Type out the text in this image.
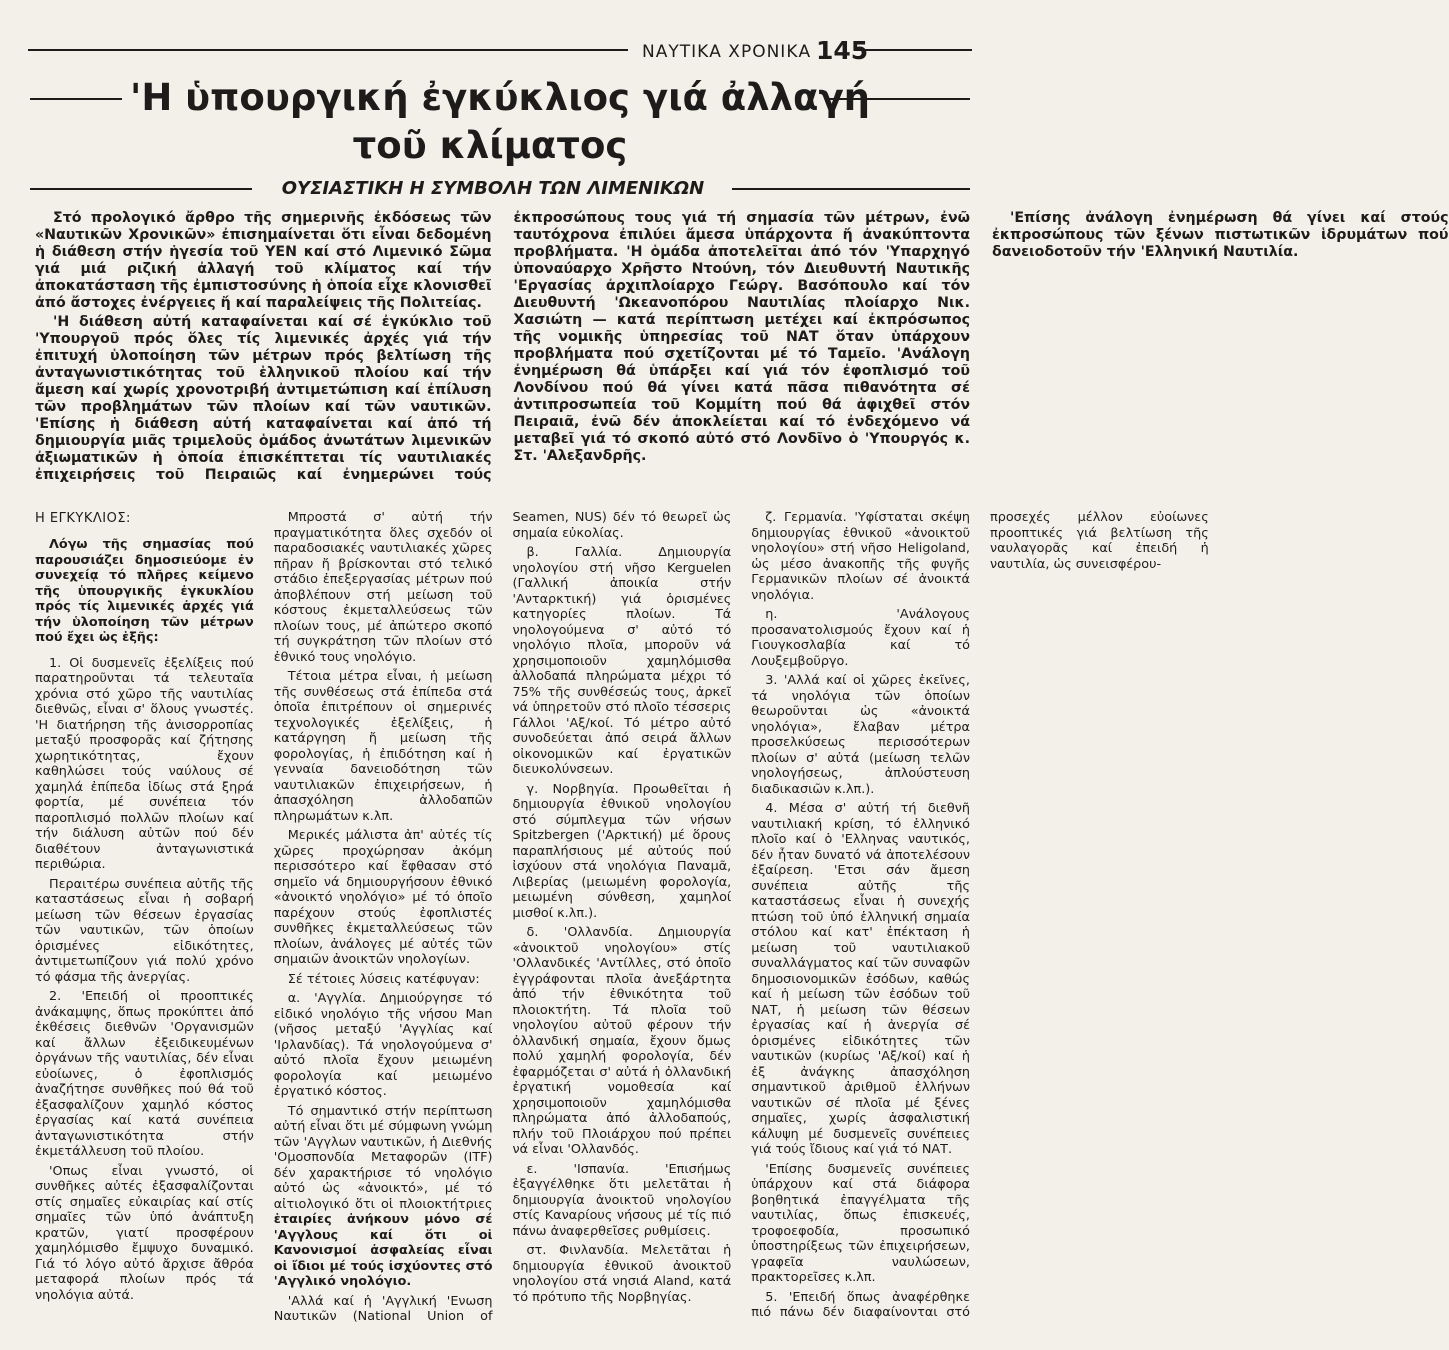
ΝΑΥΤΙΚΑ ΧΡΟΝΙΚΑ 145
'Η ὑπουργική ἐγκύκλιος γιά ἀλλαγή
τοῦ κλίματος
ΟΥΣΙΑΣΤΙΚΗ Η ΣΥΜΒΟΛΗ ΤΩΝ ΛΙΜΕΝΙΚΩΝ

Στό προλογικό ἄρθρο τῆς σημερινῆς ἐκδόσεως τῶν «Ναυτικῶν Χρονικῶν» ἐπισημαίνεται ὅτι εἶναι δεδομένη ἡ διάθεση στήν ἡγεσία τοῦ ΥΕΝ καί στό Λιμενικό Σῶμα γιά μιά ριζική ἀλλαγή τοῦ κλίματος καί τήν ἀποκατάσταση τῆς ἐμπιστοσύνης ἡ ὁποία εἶχε κλονισθεῖ ἀπό ἄστοχες ἐνέργειες ἤ καί παραλείψεις τῆς Πολιτείας.

'Η διάθεση αὐτή καταφαίνεται καί σέ ἐγκύκλιο τοῦ 'Υπουργοῦ πρός ὅλες τίς λιμενικές ἀρχές γιά τήν ἐπιτυχή ὑλοποίηση τῶν μέτρων πρός βελτίωση τῆς ἀνταγωνιστικότητας τοῦ ἑλληνικοῦ πλοίου καί τήν ἄμεση καί χωρίς χρονοτριβή ἀντιμετώπιση καί ἐπίλυση τῶν προβλημάτων τῶν πλοίων καί τῶν ναυτικῶν. 'Επίσης ἡ διάθεση αὐτή καταφαίνεται καί ἀπό τή δημιουργία μιᾶς τριμελοῦς ὁμάδος ἀνωτάτων λιμενικῶν ἀξιωματικῶν ἡ ὁποία ἐπισκέπτεται τίς ναυτιλιακές ἐπιχειρήσεις τοῦ Πειραιῶς καί ἐνημερώνει τούς ἐκπροσώπους τους γιά τή σημασία τῶν μέτρων, ἐνῶ ταυτόχρονα ἐπιλύει ἄμεσα ὑπάρχοντα ἤ ἀνακύπτοντα προβλήματα. 'Η ὁμάδα ἀποτελεῖται ἀπό τόν 'Υπαρχηγό ὑποναύαρχο Χρῆστο Ντούνη, τόν Διευθυντή Ναυτικῆς 'Εργασίας ἀρχιπλοίαρχο Γεώργ. Βασόπουλο καί τόν Διευθυντή 'Ωκεανοπόρου Ναυτιλίας πλοίαρχο Νικ. Χασιώτη — κατά περίπτωση μετέχει καί ἐκπρόσωπος τῆς νομικῆς ὑπηρεσίας τοῦ ΝΑΤ ὅταν ὑπάρχουν προβλήματα πού σχετίζονται μέ τό Ταμεῖο. 'Ανάλογη ἐνημέρωση θά ὑπάρξει καί γιά τόν ἐφοπλισμό τοῦ Λονδίνου πού θά γίνει κατά πᾶσα πιθανότητα σέ ἀντιπροσωπεία τοῦ Κομμίτη πού θά ἀφιχθεῖ στόν Πειραιᾶ, ἐνῶ δέν ἀποκλείεται καί τό ἐνδεχόμενο νά μεταβεῖ γιά τό σκοπό αὐτό στό Λονδῖνο ὁ 'Υπουργός κ. Στ. 'Αλεξανδρῆς.

'Επίσης ἀνάλογη ἐνημέρωση θά γίνει καί στούς ἐκπροσώπους τῶν ξένων πιστωτικῶν ἱδρυμάτων πού δανειοδοτοῦν τήν 'Ελληνική Ναυτιλία.

Η ΕΓΚΥΚΛΙΟΣ:

Λόγω τῆς σημασίας πού παρουσιάζει δημοσιεύομε ἐν συνεχείᾳ τό πλῆρες κείμενο τῆς ὑπουργικῆς ἐγκυκλίου πρός τίς λιμενικές ἀρχές γιά τήν ὑλοποίηση τῶν μέτρων πού ἔχει ὡς ἑξῆς:

1. Οἱ δυσμενεῖς ἐξελίξεις πού παρατηροῦνται τά τελευταῖα χρόνια στό χῶρο τῆς ναυτιλίας διεθνῶς, εἶναι σ' ὅλους γνωστές. 'Η διατήρηση τῆς ἀνισορροπίας μεταξύ προσφορᾶς καί ζήτησης χωρητικότητας, ἔχουν καθηλώσει τούς ναύλους σέ χαμηλά ἐπίπεδα ἰδίως στά ξηρά φορτία, μέ συνέπεια τόν παροπλισμό πολλῶν πλοίων καί τήν διάλυση αὐτῶν πού δέν διαθέτουν ἀνταγωνιστικά περιθώρια.

Περαιτέρω συνέπεια αὐτῆς τῆς καταστάσεως εἶναι ἡ σοβαρή μείωση τῶν θέσεων ἐργασίας τῶν ναυτικῶν, τῶν ὁποίων ὁρισμένες εἰδικότητες, ἀντιμετωπίζουν γιά πολύ χρόνο τό φάσμα τῆς ἀνεργίας.

2. 'Επειδή οἱ προοπτικές ἀνάκαμψης, ὅπως προκύπτει ἀπό ἐκθέσεις διεθνῶν 'Οργανισμῶν καί ἄλλων ἐξειδικευμένων ὀργάνων τῆς ναυτιλίας, δέν εἶναι εὐοίωνες, ὁ ἐφοπλισμός ἀναζήτησε συνθῆκες πού θά τοῦ ἐξασφαλίζουν χαμηλό κόστος ἐργασίας καί κατά συνέπεια ἀνταγωνιστικότητα στήν ἐκμετάλλευση τοῦ πλοίου.

'Οπως εἶναι γνωστό, οἱ συνθῆκες αὐτές ἐξασφαλίζονται στίς σημαῖες εὐκαιρίας καί στίς σημαῖες τῶν ὑπό ἀνάπτυξη κρατῶν, γιατί προσφέρουν χαμηλόμισθο ἔμψυχο δυναμικό. Γιά τό λόγο αὐτό ἄρχισε ἄθρόα μεταφορά πλοίων πρός τά νηολόγια αὐτά.

Μπροστά σ' αὐτή τήν πραγματικότητα ὅλες σχεδόν οἱ παραδοσιακές ναυτιλιακές χῶρες πῆραν ἤ βρίσκονται στό τελικό στάδιο ἐπεξεργασίας μέτρων πού ἀποβλέπουν στή μείωση τοῦ κόστους ἐκμεταλλεύσεως τῶν πλοίων τους, μέ ἀπώτερο σκοπό τή συγκράτηση τῶν πλοίων στό ἐθνικό τους νηολόγιο.

Τέτοια μέτρα εἶναι, ἡ μείωση τῆς συνθέσεως στά ἐπίπεδα στά ὁποῖα ἐπιτρέπουν οἱ σημερινές τεχνολογικές ἐξελίξεις, ἡ κατάργηση ἤ μείωση τῆς φορολογίας, ἡ ἐπιδότηση καί ἡ γενναία δανειοδότηση τῶν ναυτιλιακῶν ἐπιχειρήσεων, ἡ ἀπασχόληση ἀλλοδαπῶν πληρωμάτων κ.λπ.

Μερικές μάλιστα ἀπ' αὐτές τίς χῶρες προχώρησαν ἀκόμη περισσότερο καί ἔφθασαν στό σημεῖο νά δημιουργήσουν ἐθνικό «ἀνοικτό νηολόγιο» μέ τό ὁποῖο παρέχουν στούς ἐφοπλιστές συνθῆκες ἐκμεταλλεύσεως τῶν πλοίων, ἀνάλογες μέ αὐτές τῶν σημαιῶν ἀνοικτῶν νηολογίων.

Σέ τέτοιες λύσεις κατέφυγαν:

α. 'Αγγλία. Δημιούργησε τό εἰδικό νηολόγιο τῆς νήσου Man (νῆσος μεταξύ 'Αγγλίας καί 'Ιρλανδίας). Τά νηολογούμενα σ' αὐτό πλοῖα ἔχουν μειωμένη φορολογία καί μειωμένο ἐργατικό κόστος.

Τό σημαντικό στήν περίπτωση αὐτή εἶναι ὅτι μέ σύμφωνη γνώμη τῶν 'Αγγλων ναυτικῶν, ἡ Διεθνής 'Ομοσπονδία Μεταφορῶν (ITF) δέν χαρακτήρισε τό νηολόγιο αὐτό ὡς «ἀνοικτό», μέ τό αἰτιολογικό ὅτι οἱ πλοιοκτήτριες ἑταιρίες ἀνήκουν μόνο σέ 'Αγγλους καί ὅτι οἱ Κανονισμοί ἀσφαλείας εἶναι οἱ ἴδιοι μέ τούς ἰσχύοντες στό 'Αγγλικό νηολόγιο.

'Αλλά καί ἡ 'Αγγλική 'Ενωση Ναυτικῶν (National Union of Seamen, NUS) δέν τό θεωρεῖ ὡς σημαία εὐκολίας.

β. Γαλλία. Δημιουργία νηολογίου στή νῆσο Kerguelen (Γαλλική ἀποικία στήν 'Ανταρκτική) γιά ὁρισμένες κατηγορίες πλοίων. Τά νηολογούμενα σ' αὐτό τό νηολόγιο πλοῖα, μποροῦν νά χρησιμοποιοῦν χαμηλόμισθα ἀλλοδαπά πληρώματα μέχρι τό 75% τῆς συνθέσεώς τους, ἀρκεῖ νά ὑπηρετοῦν στό πλοῖο τέσσερις Γάλλοι 'Αξ/κοί. Τό μέτρο αὐτό συνοδεύεται ἀπό σειρά ἄλλων οἰκονομικῶν καί ἐργατικῶν διευκολύνσεων.

γ. Νορβηγία. Προωθεῖται ἡ δημιουργία ἐθνικοῦ νηολογίου στό σύμπλεγμα τῶν νήσων Spitzbergen ('Αρκτική) μέ ὅρους παραπλήσιους μέ αὐτούς πού ἰσχύουν στά νηολόγια Παναμᾶ, Λιβερίας (μειωμένη φορολογία, μειωμένη σύνθεση, χαμηλοί μισθοί κ.λπ.).

δ. 'Ολλανδία. Δημιουργία «ἀνοικτοῦ νηολογίου» στίς 'Ολλανδικές 'Αντίλλες, στό ὁποῖο ἐγγράφονται πλοῖα ἀνεξάρτητα ἀπό τήν ἐθνικότητα τοῦ πλοιοκτήτη. Τά πλοῖα τοῦ νηολογίου αὐτοῦ φέρουν τήν ὀλλανδική σημαία, ἔχουν ὅμως πολύ χαμηλή φορολογία, δέν ἐφαρμόζεται σ' αὐτά ἡ ὀλλανδική ἐργατική νομοθεσία καί χρησιμοποιοῦν χαμηλόμισθα πληρώματα ἀπό ἀλλοδαπούς, πλήν τοῦ Πλοιάρχου πού πρέπει νά εἶναι 'Ολλανδός.

ε. 'Ισπανία. 'Επισήμως ἐξαγγέλθηκε ὅτι μελετᾶται ἡ δημιουργία ἀνοικτοῦ νηολογίου στίς Καναρίους νήσους μέ τίς πιό πάνω ἀναφερθεῖσες ρυθμίσεις.

στ. Φινλανδία. Μελετᾶται ἡ δημιουργία ἐθνικοῦ ἀνοικτοῦ νηολογίου στά νησιά Aland, κατά τό πρότυπο τῆς Νορβηγίας.

ζ. Γερμανία. 'Υφίσταται σκέψη δημιουργίας ἐθνικοῦ «ἀνοικτοῦ νηολογίου» στή νῆσο Heligoland, ὡς μέσο ἀνακοπῆς τῆς φυγῆς Γερμανικῶν πλοίων σέ ἀνοικτά νηολόγια.

η. 'Ανάλογους προσανατολισμούς ἔχουν καί ἡ Γιουγκοσλαβία καί τό Λουξεμβοῦργο.

3. 'Αλλά καί οἱ χῶρες ἐκεῖνες, τά νηολόγια τῶν ὁποίων θεωροῦνται ὡς «ἀνοικτά νηολόγια», ἔλαβαν μέτρα προσελκύσεως περισσότερων πλοίων σ' αὐτά (μείωση τελῶν νηολογήσεως, ἀπλούστευση διαδικασιῶν κ.λπ.).

4. Μέσα σ' αὐτή τή διεθνῆ ναυτιλιακή κρίση, τό ἑλληνικό πλοῖο καί ὁ 'Ελληνας ναυτικός, δέν ἦταν δυνατό νά ἀποτελέσουν ἐξαίρεση. 'Ετσι σάν ἄμεση συνέπεια αὐτῆς τῆς καταστάσεως εἶναι ἡ συνεχής πτώση τοῦ ὑπό ἑλληνική σημαία στόλου καί κατ' ἐπέκταση ἡ μείωση τοῦ ναυτιλιακοῦ συναλλάγματος καί τῶν συναφῶν δημοσιονομικῶν ἐσόδων, καθώς καί ἡ μείωση τῶν ἐσόδων τοῦ ΝΑΤ, ἡ μείωση τῶν θέσεων ἐργασίας καί ἡ ἀνεργία σέ ὁρισμένες εἰδικότητες τῶν ναυτικῶν (κυρίως 'Αξ/κοί) καί ἡ ἐξ ἀνάγκης ἀπασχόληση σημαντικοῦ ἀριθμοῦ ἑλλήνων ναυτικῶν σέ πλοῖα μέ ξένες σημαῖες, χωρίς ἀσφαλιστική κάλυψη μέ δυσμενεῖς συνέπειες γιά τούς ἴδιους καί γιά τό ΝΑΤ.

'Επίσης δυσμενεῖς συνέπειες ὑπάρχουν καί στά διάφορα βοηθητικά ἐπαγγέλματα τῆς ναυτιλίας, ὅπως ἐπισκευές, τροφοεφοδία, προσωπικό ὑποστηρίξεως τῶν ἐπιχειρήσεων, γραφεῖα ναυλώσεων, πρακτορεῖσες κ.λπ.

5. 'Επειδή ὅπως ἀναφέρθηκε πιό πάνω δέν διαφαίνονται στό προσεχές μέλλον εὐοίωνες προοπτικές γιά βελτίωση τῆς ναυλαγορᾶς καί ἐπειδή ἡ ναυτιλία, ὡς συνεισφέρου-
